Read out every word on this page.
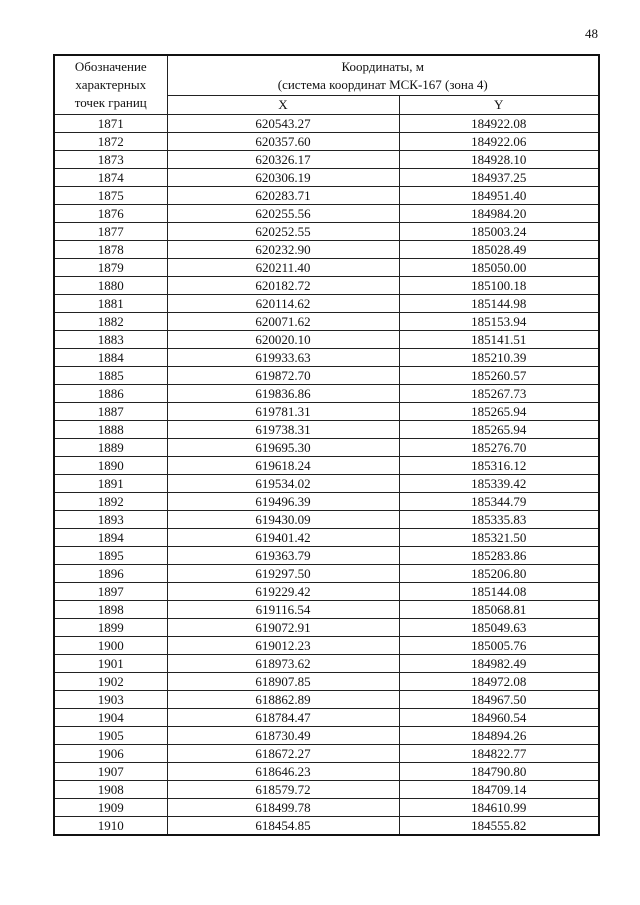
48
Обозначение
характерных
точек границ	Координаты, м
(система координат МСК-167 (зона 4)	

	X	Y
1871	620543.27	184922.08
1872	620357.60	184922.06
1873	620326.17	184928.10
1874	620306.19	184937.25
1875	620283.71	184951.40
1876	620255.56	184984.20
1877	620252.55	185003.24
1878	620232.90	185028.49
1879	620211.40	185050.00
1880	620182.72	185100.18
1881	620114.62	185144.98
1882	620071.62	185153.94
1883	620020.10	185141.51
1884	619933.63	185210.39
1885	619872.70	185260.57
1886	619836.86	185267.73
1887	619781.31	185265.94
1888	619738.31	185265.94
1889	619695.30	185276.70
1890	619618.24	185316.12
1891	619534.02	185339.42
1892	619496.39	185344.79
1893	619430.09	185335.83
1894	619401.42	185321.50
1895	619363.79	185283.86
1896	619297.50	185206.80
1897	619229.42	185144.08
1898	619116.54	185068.81
1899	619072.91	185049.63
1900	619012.23	185005.76
1901	618973.62	184982.49
1902	618907.85	184972.08
1903	618862.89	184967.50
1904	618784.47	184960.54
1905	618730.49	184894.26
1906	618672.27	184822.77
1907	618646.23	184790.80
1908	618579.72	184709.14
1909	618499.78	184610.99
1910	618454.85	184555.82
